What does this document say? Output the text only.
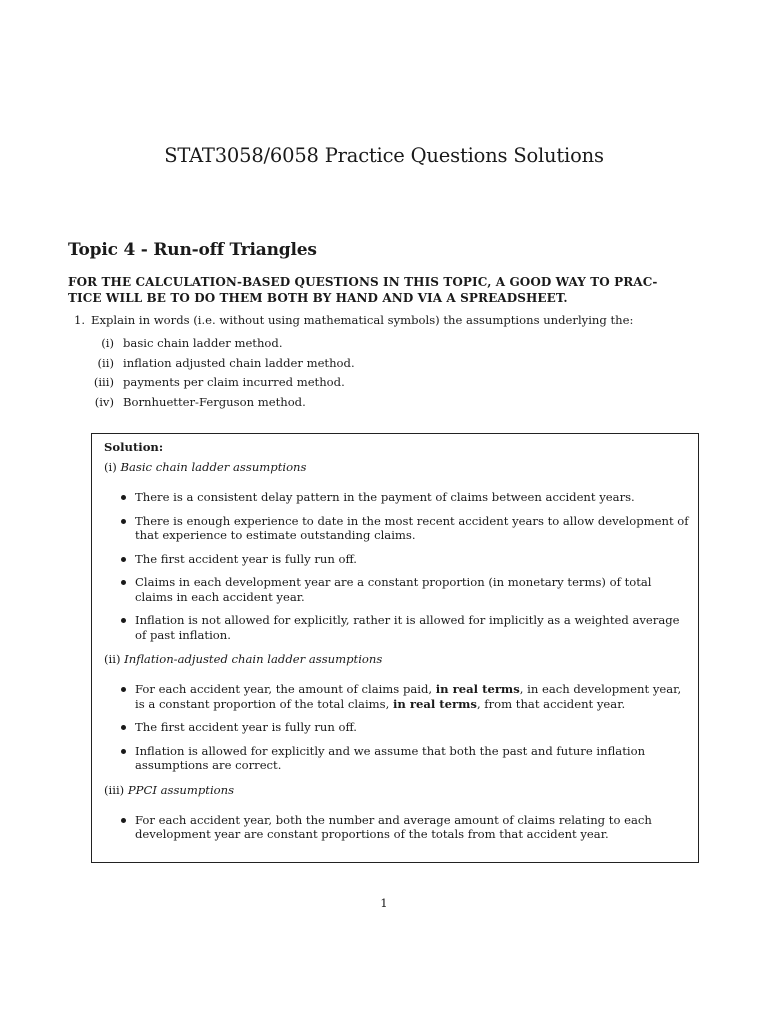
STAT3058/6058 Practice Questions Solutions
Topic 4 - Run-off Triangles
FOR THE CALCULATION-BASED QUESTIONS IN THIS TOPIC, A GOOD WAY TO PRAC-
TICE WILL BE TO DO THEM BOTH BY HAND AND VIA A SPREADSHEET.
1. Explain in words (i.e. without using mathematical symbols) the assumptions underlying the:
(i) basic chain ladder method.
(ii) inflation adjusted chain ladder method.
(iii) payments per claim incurred method.
(iv) Bornhuetter-Ferguson method.
Solution:
(i) Basic chain ladder assumptions
There is a consistent delay pattern in the payment of claims between accident years.
There is enough experience to date in the most recent accident years to allow development of that experience to estimate outstanding claims.
The first accident year is fully run off.
Claims in each development year are a constant proportion (in monetary terms) of total claims in each accident year.
Inflation is not allowed for explicitly, rather it is allowed for implicitly as a weighted average of past inflation.
(ii) Inflation-adjusted chain ladder assumptions
For each accident year, the amount of claims paid, in real terms, in each development year, is a constant proportion of the total claims, in real terms, from that accident year.
The first accident year is fully run off.
Inflation is allowed for explicitly and we assume that both the past and future inflation assumptions are correct.
(iii) PPCI assumptions
For each accident year, both the number and average amount of claims relating to each development year are constant proportions of the totals from that accident year.
1
